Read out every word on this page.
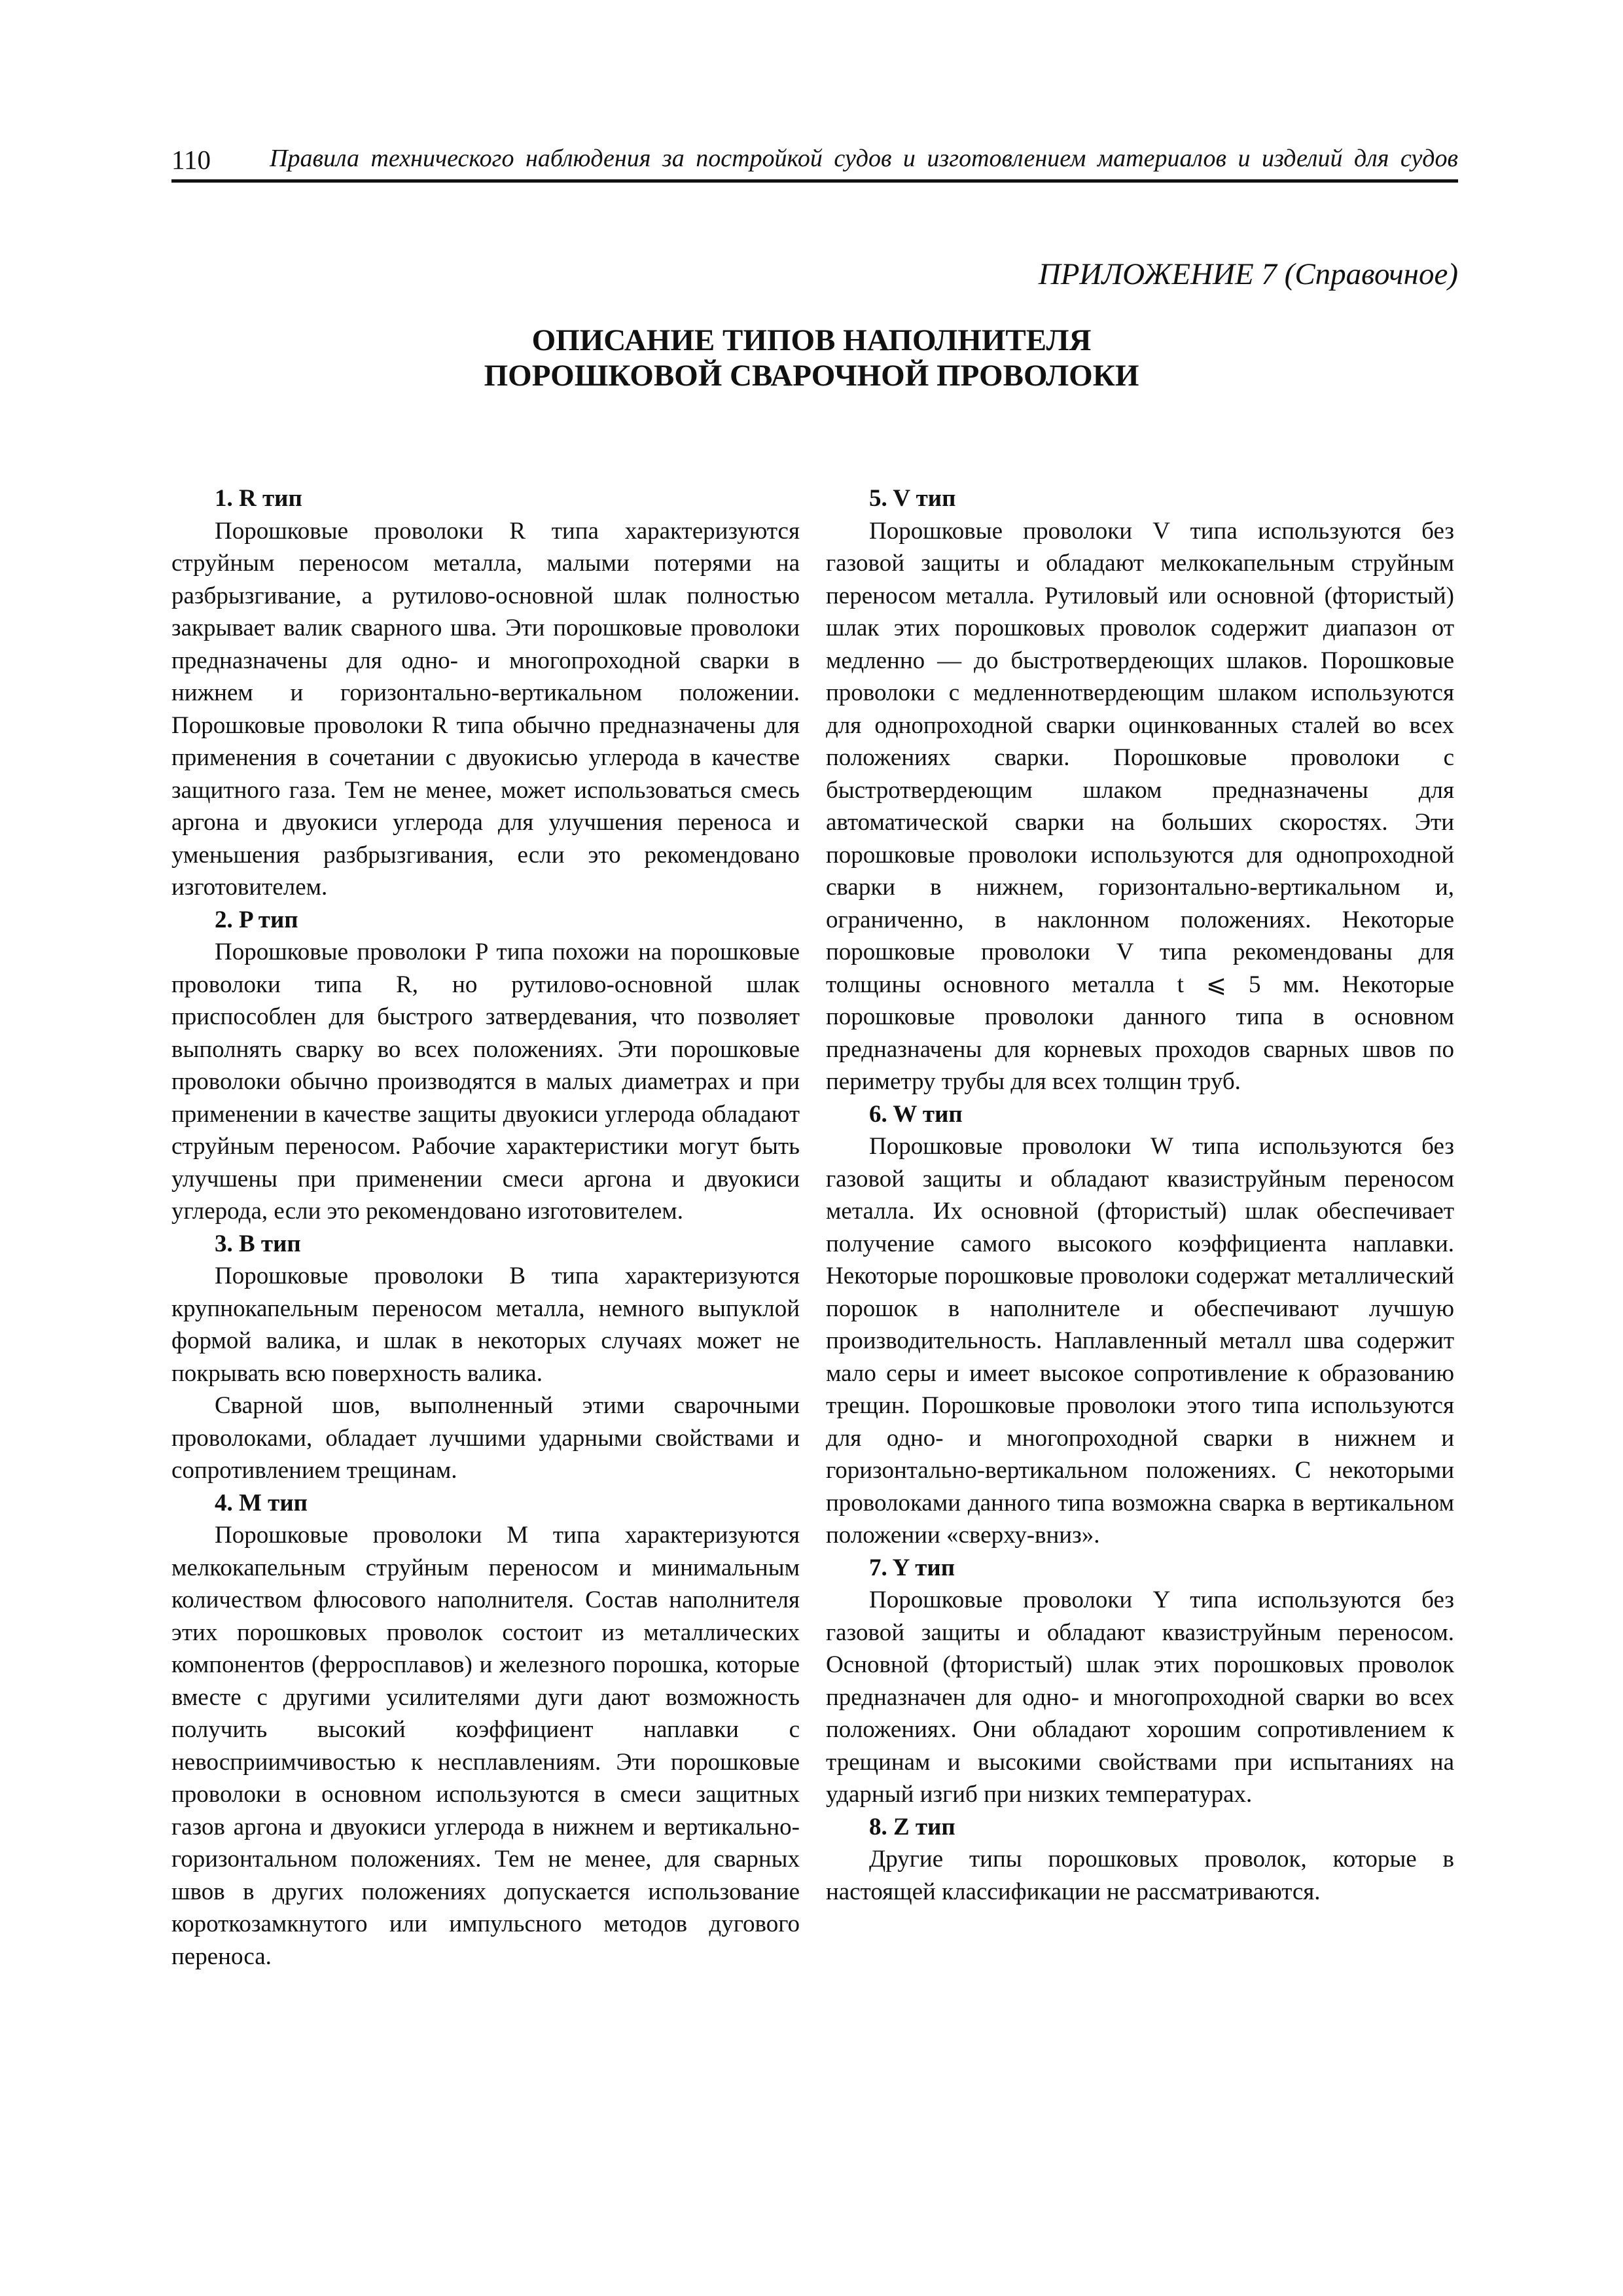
110 Правила технического наблюдения за постройкой судов и изготовлением материалов и изделий для судов
ПРИЛОЖЕНИЕ 7 (Справочное)
ОПИСАНИЕ ТИПОВ НАПОЛНИТЕЛЯ
ПОРОШКОВОЙ СВАРОЧНОЙ ПРОВОЛОКИ

1. R тип

Порошковые проволоки R типа характеризуются струйным переносом металла, малыми потерями на разбрызгивание, а рутилово-основной шлак полностью закрывает валик сварного шва. Эти порошковые проволоки предназначены для одно- и многопроходной сварки в нижнем и горизонтально-вертикальном положении. Порошковые проволоки R типа обычно предназначены для применения в сочетании с двуокисью углерода в качестве защитного газа. Тем не менее, может использоваться смесь аргона и двуокиси углерода для улучшения переноса и уменьшения разбрызгивания, если это рекомендовано изготовителем.

2. P тип

Порошковые проволоки P типа похожи на порошковые проволоки типа R, но рутилово-основной шлак приспособлен для быстрого затвердевания, что позволяет выполнять сварку во всех положениях. Эти порошковые проволоки обычно производятся в малых диаметрах и при применении в качестве защиты двуокиси углерода обладают струйным переносом. Рабочие характеристики могут быть улучшены при применении смеси аргона и двуокиси углерода, если это рекомендовано изготовителем.

3. B тип

Порошковые проволоки B типа характеризуются крупнокапельным переносом металла, немного выпуклой формой валика, и шлак в некоторых случаях может не покрывать всю поверхность валика.

Сварной шов, выполненный этими сварочными проволоками, обладает лучшими ударными свойствами и сопротивлением трещинам.

4. M тип

Порошковые проволоки M типа характеризуются мелкокапельным струйным переносом и минимальным количеством флюсового наполнителя. Состав наполнителя этих порошковых проволок состоит из металлических компонентов (ферросплавов) и железного порошка, которые вместе с другими усилителями дуги дают возможность получить высокий коэффициент наплавки с невосприимчивостью к несплавлениям. Эти порошковые проволоки в основном используются в смеси защитных газов аргона и двуокиси углерода в нижнем и вертикально-горизонтальном положениях. Тем не менее, для сварных швов в других положениях допускается использование короткозамкнутого или импульсного методов дугового переноса.

5. V тип

Порошковые проволоки V типа используются без газовой защиты и обладают мелкокапельным струйным переносом металла. Рутиловый или основной (фтористый) шлак этих порошковых проволок содержит диапазон от медленно — до быстротвердеющих шлаков. Порошковые проволоки с медленнотвердеющим шлаком используются для однопроходной сварки оцинкованных сталей во всех положениях сварки. Порошковые проволоки с быстротвердеющим шлаком предназначены для автоматической сварки на больших скоростях. Эти порошковые проволоки используются для однопроходной сварки в нижнем, горизонтально-вертикальном и, ограниченно, в наклонном положениях. Некоторые порошковые проволоки V типа рекомендованы для толщины основного металла t ⩽ 5 мм. Некоторые порошковые проволоки данного типа в основном предназначены для корневых проходов сварных швов по периметру трубы для всех толщин труб.

6. W тип

Порошковые проволоки W типа используются без газовой защиты и обладают квазиструйным переносом металла. Их основной (фтористый) шлак обеспечивает получение самого высокого коэффициента наплавки. Некоторые порошковые проволоки содержат металлический порошок в наполнителе и обеспечивают лучшую производительность. Наплавленный металл шва содержит мало серы и имеет высокое сопротивление к образованию трещин. Порошковые проволоки этого типа используются для одно- и многопроходной сварки в нижнем и горизонтально-вертикальном положениях. С некоторыми проволоками данного типа возможна сварка в вертикальном положении «сверху-вниз».

7. Y тип

Порошковые проволоки Y типа используются без газовой защиты и обладают квазиструйным переносом. Основной (фтористый) шлак этих порошковых проволок предназначен для одно- и многопроходной сварки во всех положениях. Они обладают хорошим сопротивлением к трещинам и высокими свойствами при испытаниях на ударный изгиб при низких температурах.

8. Z тип

Другие типы порошковых проволок, которые в настоящей классификации не рассматриваются.
